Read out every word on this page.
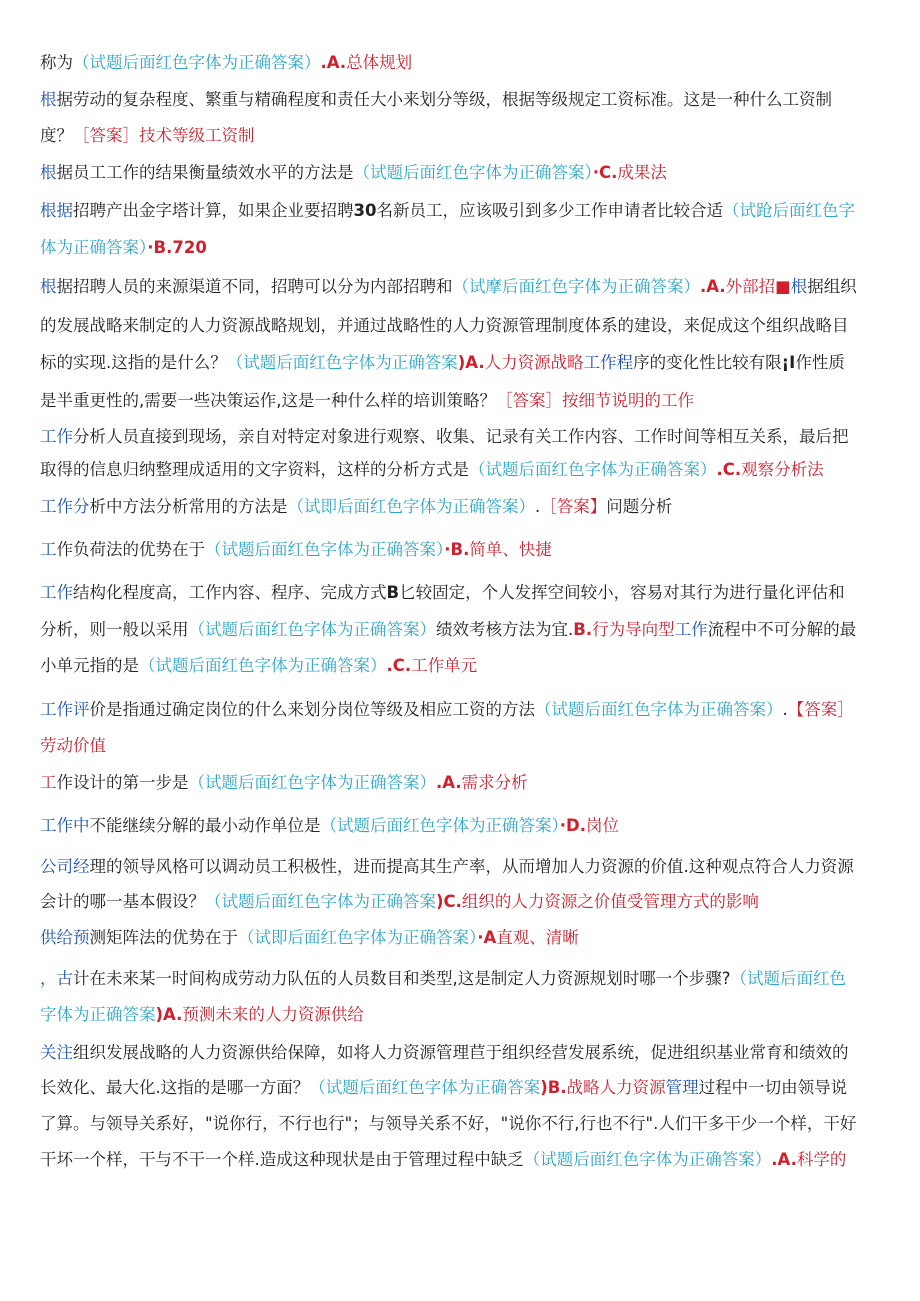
称为（试题后面红色字体为正确答案）.A.总体规划
根据劳动的复杂程度、繁重与精确程度和责任大小来划分等级，根据等级规定工资标准。这是一种什么工资制
度？［答案］技术等级工资制
根据员工工作的结果衡量绩效水平的方法是（试题后面红色字体为正确答案）·C.成果法
根据招聘产出金字塔计算，如果企业要招聘30名新员工，应该吸引到多少工作申请者比较合适（试跄后面红色字
体为正确答案）·B.720
根据招聘人员的来源渠道不同，招聘可以分为内部招聘和（试摩后面红色字体为正确答案）.A.外部招■根据组织
的发展战略来制定的人力资源战略规划，并通过战略性的人力资源管理制度体系的建设，来促成这个组织战略目
标的实现.这指的是什么？（试题后面红色字体为正确答案)A.人力资源战略工作程序的变化性比较有限¡I作性质
是半重更性的,需要一些决策运作,这是一种什么样的培训策略？［答案］按细节说明的工作
工作分析人员直接到现场，亲自对特定对象进行观察、收集、记录有关工作内容、工作时间等相互关系，最后把
取得的信息归纳整理成适用的文字资料，这样的分析方式是（试题后面红色字体为正确答案）.C.观察分析法
工作分析中方法分析常用的方法是（试即后面红色字体为正确答案）.［答案】问题分析
工作负荷法的优势在于（试题后面红色字体为正确答案）·B.简单、快捷
工作结构化程度高，工作内容、程序、完成方式B匕较固定，个人发挥空间较小，容易对其行为进行量化评估和
分析，则一般以采用（试题后面红色字体为正确答案）绩效考核方法为宜.B.行为导向型工作流程中不可分解的最
小单元指的是（试题后面红色字体为正确答案）.C.工作单元
工作评价是指通过确定岗位的什么来划分岗位等级及相应工资的方法（试题后面红色字体为正确答案）.【答案］
劳动价值
工作设计的第一步是（试题后面红色字体为正确答案）.A.需求分析
工作中不能继续分解的最小动作单位是（试题后面红色字体为正确答案）·D.岗位
公司经理的领导风格可以调动员工积极性，进而提高其生产率，从而增加人力资源的价值.这种观点符合人力资源
会计的哪一基本假设？（试题后面红色字体为正确答案)C.组织的人力资源之价值受管理方式的影响
供给预测矩阵法的优势在于（试即后面红色字体为正确答案）·A直观、清晰
，古计在未来某一时间构成劳动力队伍的人员数目和类型,这是制定人力资源规划时哪一个步骤?（试题后面红色
字体为正确答案)A.预测未来的人力资源供给
关注组织发展战略的人力资源供给保障，如将人力资源管理苣于组织经营发展系统，促进组织基业常育和绩效的
长效化、最大化.这指的是哪一方面？（试题后面红色字体为正确答案)B.战略人力资源管理过程中一切由领导说
了算。与领导关系好，"说你行，不行也行"；与领导关系不好，"说你不行,行也不行".人们干多干少一个样，干好
干坏一个样，干与不干一个样.造成这种现状是由于管理过程中缺乏（试题后面红色字体为正确答案）.A.科学的
